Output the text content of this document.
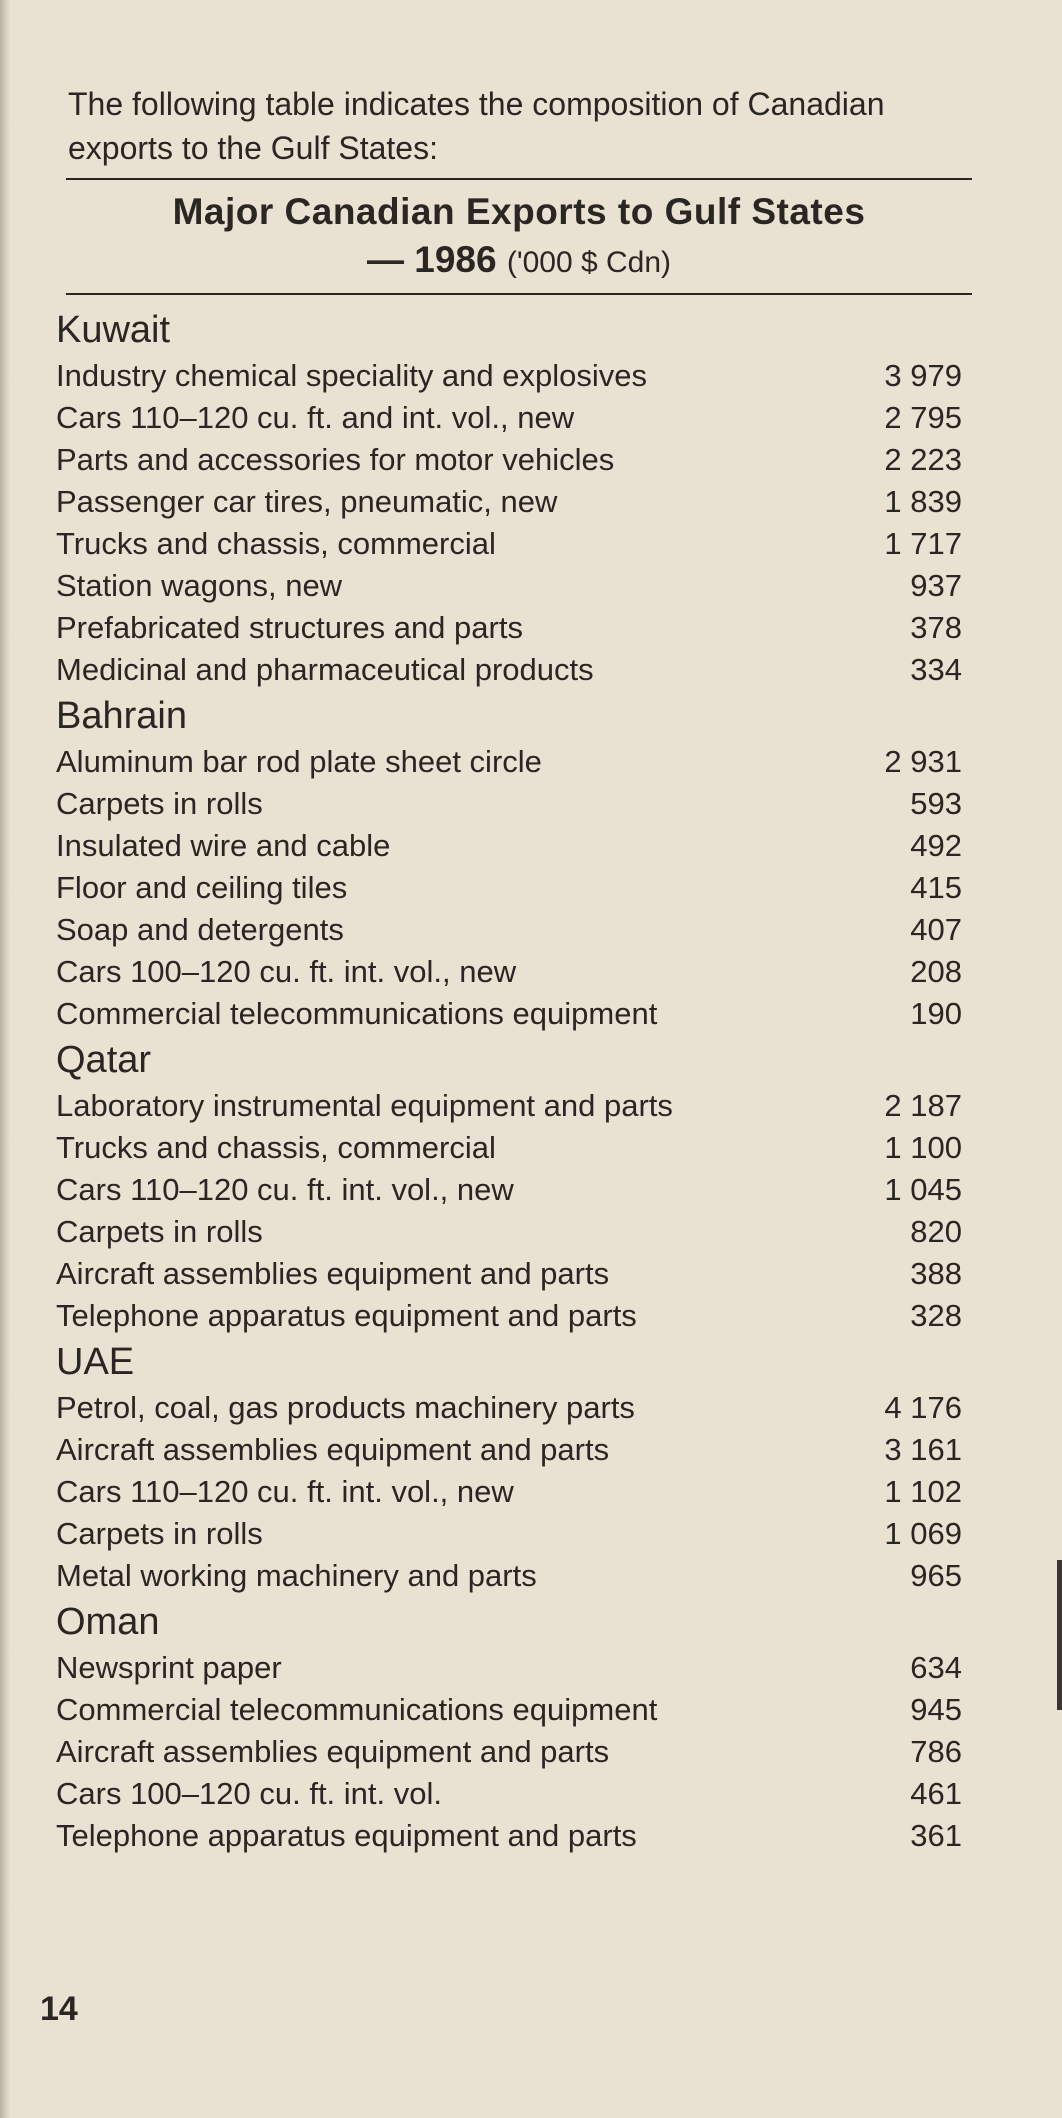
The following table indicates the composition of Canadian exports to the Gulf States:

Major Canadian Exports to Gulf States
— 1986 ('000 $ Cdn)
Kuwait
Industry chemical speciality and explosives	3 979
Cars 110–120 cu. ft. and int. vol., new	2 795
Parts and accessories for motor vehicles	2 223
Passenger car tires, pneumatic, new	1 839
Trucks and chassis, commercial	1 717
Station wagons, new	937
Prefabricated structures and parts	378
Medicinal and pharmaceutical products	334
Bahrain
Aluminum bar rod plate sheet circle	2 931
Carpets in rolls	593
Insulated wire and cable	492
Floor and ceiling tiles	415
Soap and detergents	407
Cars 100–120 cu. ft. int. vol., new	208
Commercial telecommunications equipment	190
Qatar
Laboratory instrumental equipment and parts	2 187
Trucks and chassis, commercial	1 100
Cars 110–120 cu. ft. int. vol., new	1 045
Carpets in rolls	820
Aircraft assemblies equipment and parts	388
Telephone apparatus equipment and parts	328
UAE
Petrol, coal, gas products machinery parts	4 176
Aircraft assemblies equipment and parts	3 161
Cars 110–120 cu. ft. int. vol., new	1 102
Carpets in rolls	1 069
Metal working machinery and parts	965
Oman
Newsprint paper	634
Commercial telecommunications equipment	945
Aircraft assemblies equipment and parts	786
Cars 100–120 cu. ft. int. vol.	461
Telephone apparatus equipment and parts	361
14
